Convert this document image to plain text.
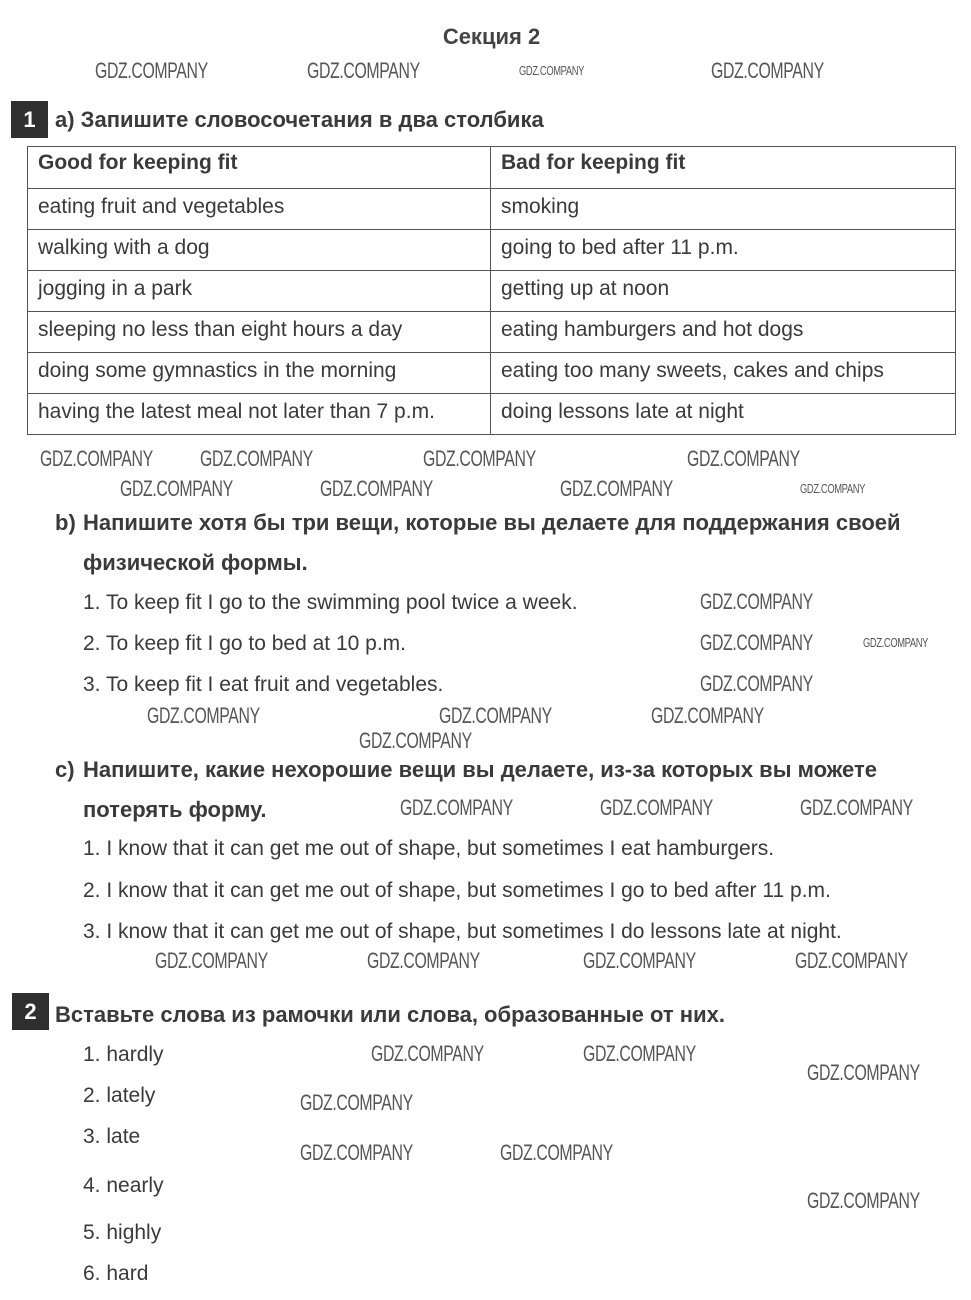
Секция 2
1 a) Запишите словосочетания в два столбика
Good for keeping fit	Bad for keeping fit
eating fruit and vegetables	smoking
walking with a dog	going to bed after 11 p.m.
jogging in a park	getting up at noon
sleeping no less than eight hours a day	eating hamburgers and hot dogs
doing some gymnastics in the morning	eating too many sweets, cakes and chips
having the latest meal not later than 7 p.m.	doing lessons late at night
b) Напишите хотя бы три вещи, которые вы делаете для поддержания своей
физической формы.
1. To keep fit I go to the swimming pool twice a week.
2. To keep fit I go to bed at 10 p.m.
3. To keep fit I eat fruit and vegetables.
c) Напишите, какие нехорошие вещи вы делаете, из-за которых вы можете
потерять форму.
1. I know that it can get me out of shape, but sometimes I eat hamburgers.
2. I know that it can get me out of shape, but sometimes I go to bed after 11 p.m.
3. I know that it can get me out of shape, but sometimes I do lessons late at night.
2 Вставьте слова из рамочки или слова, образованные от них.
1. hardly
2. lately
3. late
4. nearly
5. highly
6. hard
GDZ.COMPANY	GDZ.COMPANY	GDZ.COMPANY	GDZ.COMPANY
GDZ.COMPANY GDZ.COMPANY	GDZ.COMPANY	GDZ.COMPANY
GDZ.COMPANY	GDZ.COMPANY	GDZ.COMPANY	GDZ.COMPANY
GDZ.COMPANY
GDZ.COMPANY	GDZ.COMPANY
GDZ.COMPANY
GDZ.COMPANY	GDZ.COMPANY	GDZ.COMPANY
GDZ.COMPANY
GDZ.COMPANY	GDZ.COMPANY	GDZ.COMPANY	GDZ.COMPANY
GDZ.COMPANY	GDZ.COMPANY	GDZ.COMPANY
GDZ.COMPANY	GDZ.COMPANY
GDZ.COMPANY
GDZ.COMPANY
GDZ.COMPANY	GDZ.COMPANY
GDZ.COMPANY
